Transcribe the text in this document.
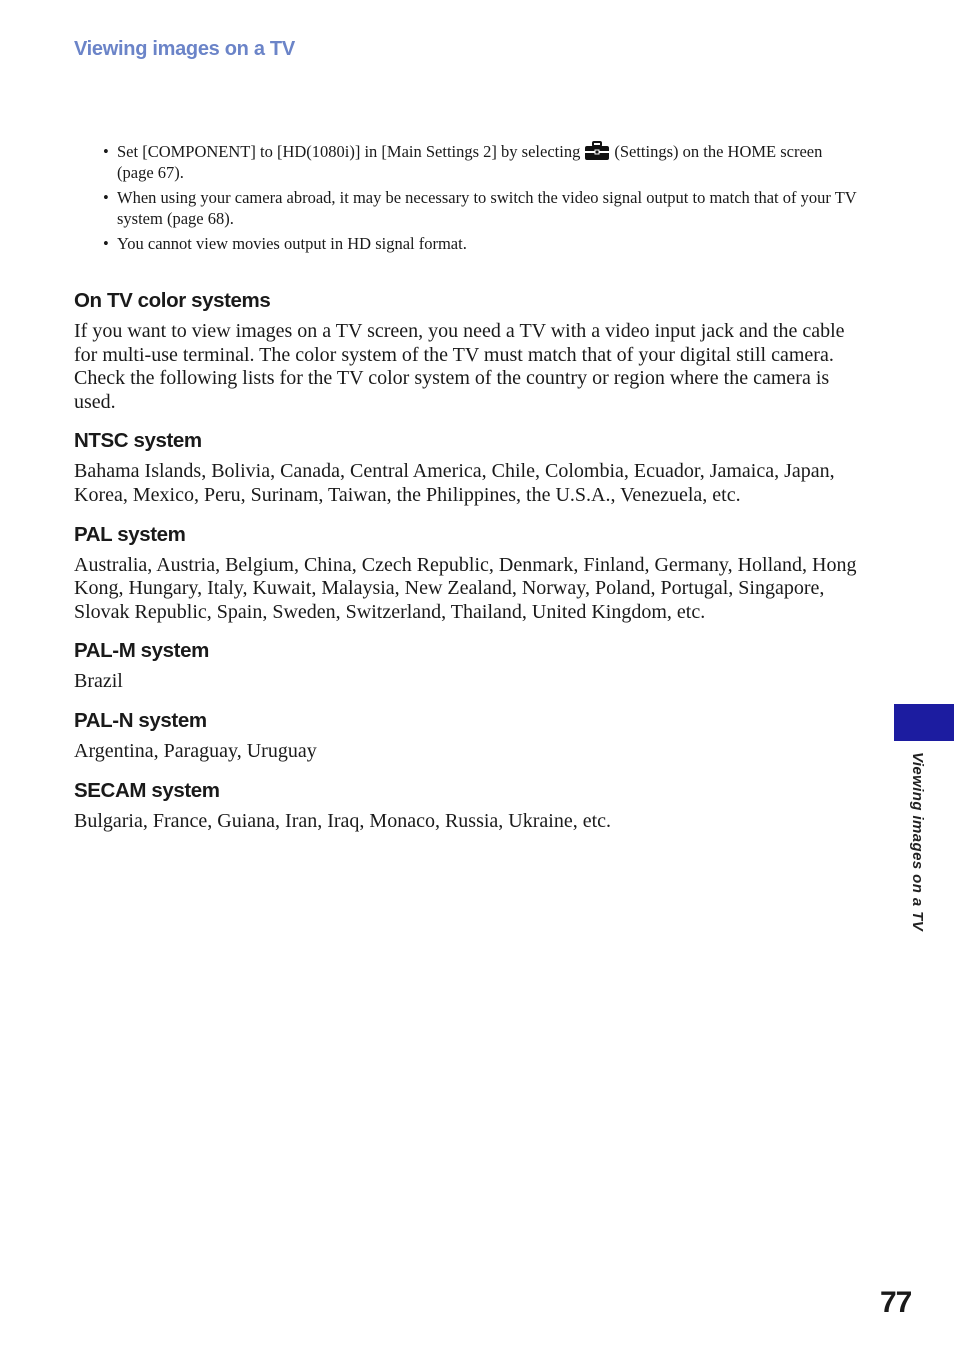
Viewing images on a TV
• Set [COMPONENT] to [HD(1080i)] in [Main Settings 2] by selecting (Settings) on the HOME screen (page 67).
• When using your camera abroad, it may be necessary to switch the video signal output to match that of your TV system (page 68).
• You cannot view movies output in HD signal format.
On TV color systems

If you want to view images on a TV screen, you need a TV with a video input jack and the cable for multi-use terminal. The color system of the TV must match that of your digital still camera. Check the following lists for the TV color system of the country or region where the camera is used.

NTSC system

Bahama Islands, Bolivia, Canada, Central America, Chile, Colombia, Ecuador, Jamaica, Japan, Korea, Mexico, Peru, Surinam, Taiwan, the Philippines, the U.S.A., Venezuela, etc.

PAL system

Australia, Austria, Belgium, China, Czech Republic, Denmark, Finland, Germany, Holland, Hong Kong, Hungary, Italy, Kuwait, Malaysia, New Zealand, Norway, Poland, Portugal, Singapore, Slovak Republic, Spain, Sweden, Switzerland, Thailand, United Kingdom, etc.

PAL-M system

Brazil

PAL-N system

Argentina, Paraguay, Uruguay

SECAM system

Bulgaria, France, Guiana, Iran, Iraq, Monaco, Russia, Ukraine, etc.	Viewing images on a TV
77
